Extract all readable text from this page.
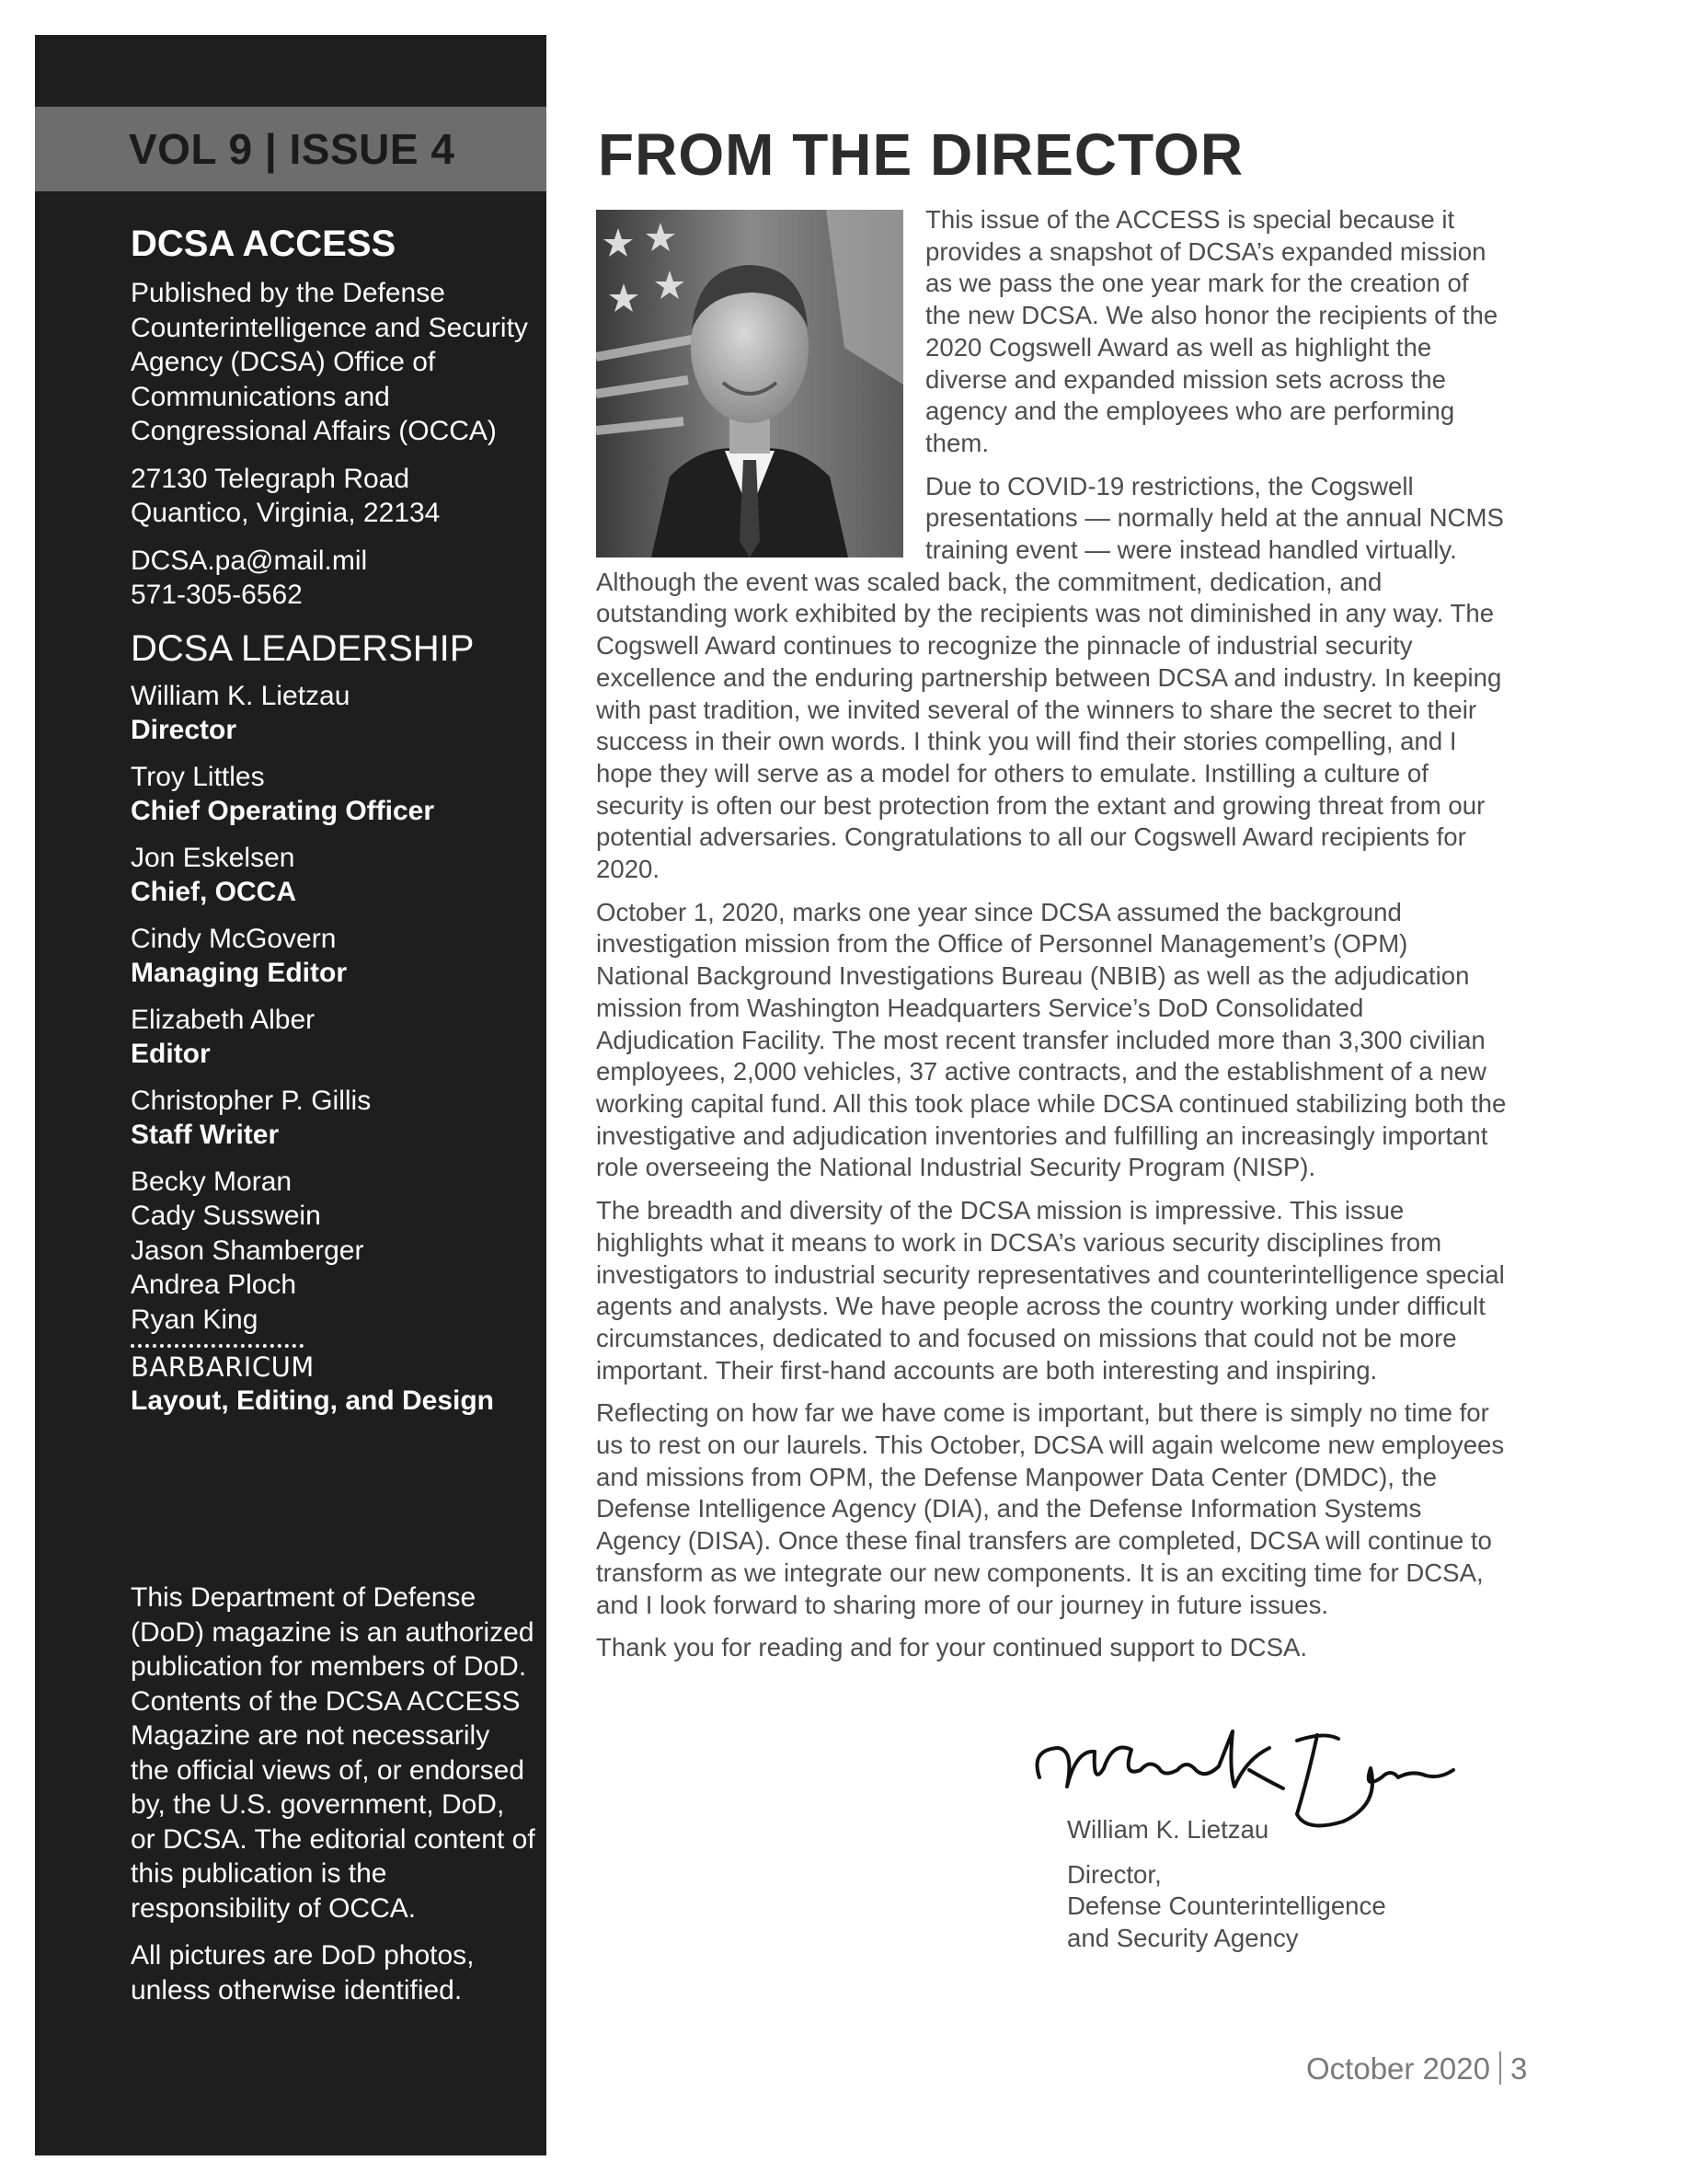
VOL 9 | ISSUE 4
DCSA ACCESS

Published by the Defense Counterintelligence and Security Agency (DCSA) Office of Communications and Congressional Affairs (OCCA)

27130 Telegraph Road
Quantico, Virginia, 22134

DCSA.pa@mail.mil
571-305-6562

DCSA LEADERSHIP
William K. Lietzau
Director
Troy Littles
Chief Operating Officer
Jon Eskelsen
Chief, OCCA
Cindy McGovern
Managing Editor
Elizabeth Alber
Editor
Christopher P. Gillis
Staff Writer
Becky Moran
Cady Susswein
Jason Shamberger
Andrea Ploch
Ryan King
BARBARICUM
Layout, Editing, and Design

This Department of Defense (DoD) magazine is an authorized publication for members of DoD. Contents of the DCSA ACCESS Magazine are not necessarily the official views of, or endorsed by, the U.S. government, DoD, or DCSA. The editorial content of this publication is the responsibility of OCCA.

All pictures are DoD photos, unless otherwise identified.

FROM THE DIRECTOR

This issue of the ACCESS is special because it provides a snapshot of DCSA’s expanded mission as we pass the one year mark for the creation of the new DCSA. We also honor the recipients of the 2020 Cogswell Award as well as highlight the diverse and expanded mission sets across the agency and the employees who are performing them.

Due to COVID-19 restrictions, the Cogswell presentations — normally held at the annual NCMS training event — were instead handled virtually. Although the event was scaled back, the commitment, dedication, and outstanding work exhibited by the recipients was not diminished in any way. The Cogswell Award continues to recognize the pinnacle of industrial security excellence and the enduring partnership between DCSA and industry. In keeping with past tradition, we invited several of the winners to share the secret to their success in their own words. I think you will find their stories compelling, and I hope they will serve as a model for others to emulate. Instilling a culture of security is often our best protection from the extant and growing threat from our potential adversaries. Congratulations to all our Cogswell Award recipients for 2020.

October 1, 2020, marks one year since DCSA assumed the background investigation mission from the Office of Personnel Management’s (OPM) National Background Investigations Bureau (NBIB) as well as the adjudication mission from Washington Headquarters Service’s DoD Consolidated Adjudication Facility. The most recent transfer included more than 3,300 civilian employees, 2,000 vehicles, 37 active contracts, and the establishment of a new working capital fund. All this took place while DCSA continued stabilizing both the investigative and adjudication inventories and fulfilling an increasingly important role overseeing the National Industrial Security Program (NISP).

The breadth and diversity of the DCSA mission is impressive. This issue highlights what it means to work in DCSA’s various security disciplines from investigators to industrial security representatives and counterintelligence special agents and analysts. We have people across the country working under difficult circumstances, dedicated to and focused on missions that could not be more important. Their first-hand accounts are both interesting and inspiring.

Reflecting on how far we have come is important, but there is simply no time for us to rest on our laurels. This October, DCSA will again welcome new employees and missions from OPM, the Defense Manpower Data Center (DMDC), the Defense Intelligence Agency (DIA), and the Defense Information Systems Agency (DISA). Once these final transfers are completed, DCSA will continue to transform as we integrate our new components. It is an exciting time for DCSA, and I look forward to sharing more of our journey in future issues.

Thank you for reading and for your continued support to DCSA.

William K. Lietzau
Director,
Defense Counterintelligence
and Security Agency
October 2020 3
